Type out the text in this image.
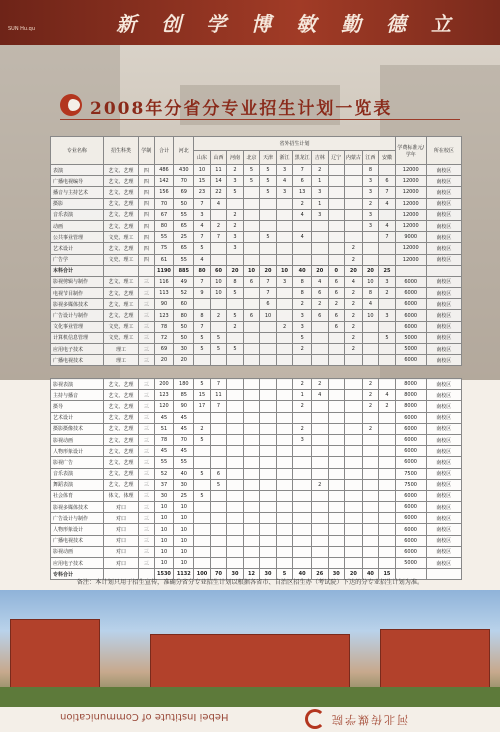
SUN Hu.qu	新 创 学 博 敏 勤 德 立
2008年分省分专业招生计划一览表
专业名称	招生科类	学制	合计	河北	省外招生计划												学费标准元/学年	所在校区
					山东	山西	河南	北京	天津	浙江	黑龙江	吉林	辽宁	内蒙古	江西	安徽		
表演	艺文、艺理	四	486	430	10	11	2	5	5	3	7	2			8		12000	南校区
广播电视编导	艺文、艺理	四	142	70	15	14	3	5	5	4	6	1			3	6	12000	南校区
播音与主持艺术	艺文、艺理	四	156	69	23	22	5		5	3	13	3			3	7	12000	南校区
摄影	艺文、艺理	四	70	50	7	4					2	1			2	4	12000	南校区
音乐表演	艺文、艺理	四	67	55	3		2				4	3			3		12000	南校区
动画	艺文、艺理	四	80	65	4	2	2								3	4	12000	南校区
公共事业管理	文史、理工	四	55	25	7	7	3		5		4					7	9000	南校区
艺术设计	艺文、艺理	四	75	65	5		3							2			12000	南校区
广告学	文史、理工	四	61	55	4									2			12000	南校区
本科合计			1190	885	80	60	20	10	20	10	40	20	0	20	20	25		
影视剪辑与制作	艺文、理工	三	116	49	7	10	8	6	7	3	8	4	6	4	10	3	6000	南校区
电视节目制作	艺文、艺理	三	113	52	9	10	5		7		8	6	6	2	8	2	6000	南校区
影视多媒体技术	艺文、理工	三	90	60					6		2	2	2	2	4		6000	南校区
广告设计与制作	艺文、艺理	三	123	80	8	2	5	6	10		3	6	6	2	10	3	6000	南校区
文化事业管理	文史、理工	三	78	50	7		2			2	3		6	2			6000	南校区
计算机信息管理	文史、理工	三	72	50	5	5					5			2		5	5000	南校区
应用电子技术	理工	三	69	30	5	5	5				2			2			5000	南校区
广播电视技术	理工	三	20	20													6000	南校区
影视表演	艺文、艺理	三	200	180	5	7					2	2			2		8000	南校区
主持与播音	艺文、艺理	三	123	85	15	11					1	4			2	4	8000	南校区
摄导	艺文、艺理	三	120	90	17	7					2				2	2	8000	南校区
艺术设计	艺文、艺理	三	45	45													6000	南校区
摄影摄像技术	艺文、艺理	三	51	45	2						2				2		6000	南校区
影视动画	艺文、艺理	三	78	70	5						3						6000	南校区
人物形象设计	艺文、艺理	三	45	45													6000	南校区
影视广告	艺文、艺理	三	55	55													6000	南校区
音乐表演	艺文、艺理	三	52	40	5	6											7500	南校区
舞蹈表演	艺文、艺理	三	37	30		5						2					7500	南校区
社会体育	体文、体理	三	30	25	5												6000	南校区
影视多媒体技术	对口	三	10	10													6000	南校区
广告设计与制作	对口	三	10	10													6000	南校区
人物形象设计	对口	三	10	10													6000	南校区
广播电视技术	对口	三	10	10													6000	南校区
影视动画	对口	三	10	10													6000	南校区
应用电子技术	对口	三	10	10													5000	南校区
专科合计			1530	1132	100	70	30	12	30	5	40	26	30	20	40	15		
备注：本计划只用于招生宣传，准确分省分专业招生计划以根据各省市、自治区招生办（考试院）下达的分专业招生计划为准。
Hebei Institute of Communication	河北传媒学院
